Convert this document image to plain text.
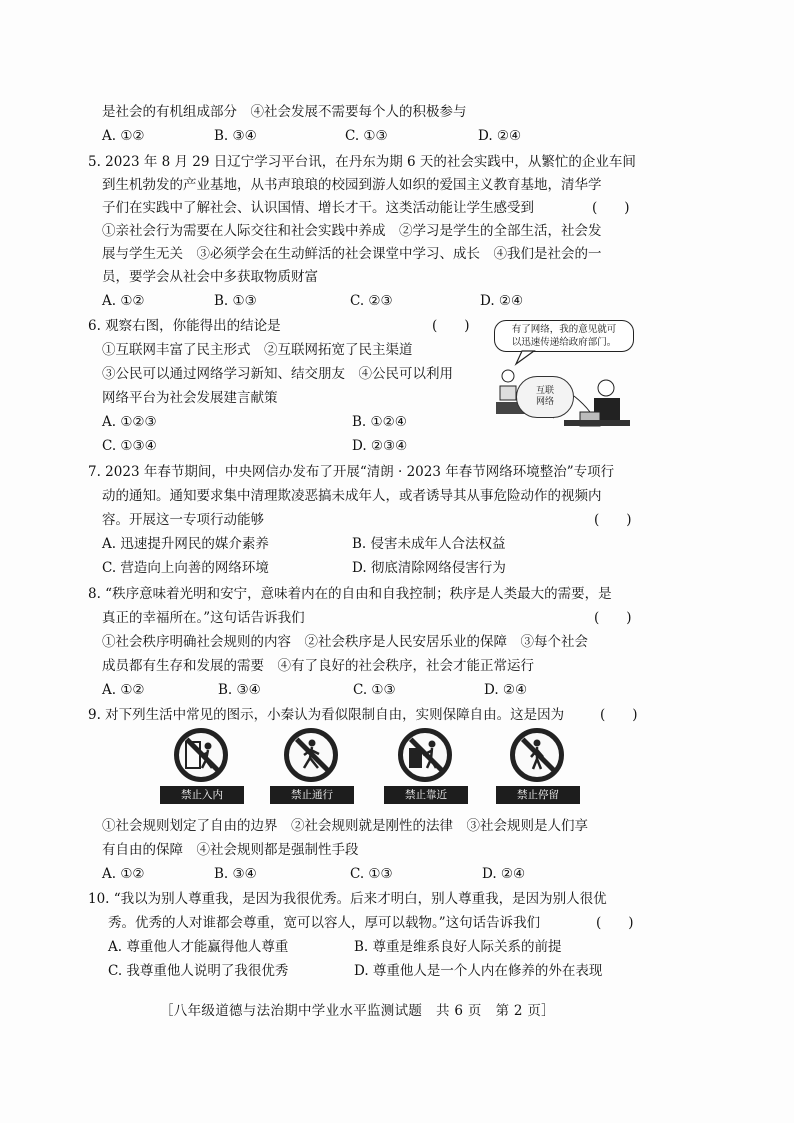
是社会的有机组成部分　④社会发展不需要每个人的积极参与
A. ①②	B. ③④	C. ①③	D. ②④
5. 2023 年 8 月 29 日辽宁学习平台讯，在丹东为期 6 天的社会实践中，从繁忙的企业车间
到生机勃发的产业基地，从书声琅琅的校园到游人如织的爱国主义教育基地，清华学
子们在实践中了解社会、认识国情、增长才干。这类活动能让学生感受到	(　　)
①亲社会行为需要在人际交往和社会实践中养成　②学习是学生的全部生活，社会发
展与学生无关　③必须学会在生动鲜活的社会课堂中学习、成长　④我们是社会的一
员，要学会从社会中多获取物质财富
A. ①②	B. ①③	C. ②③	D. ②④
6. 观察右图，你能得出的结论是	(　　)
①互联网丰富了民主形式　②互联网拓宽了民主渠道
③公民可以通过网络学习新知、结交朋友　④公民可以利用
网络平台为社会发展建言献策
A. ①②③	B. ①②④
C. ①③④	D. ②③④
有了网络，我的意见就可
以迅速传递给政府部门。
互联
网络
7. 2023 年春节期间，中央网信办发布了开展“清朗 · 2023 年春节网络环境整治”专项行
动的通知。通知要求集中清理欺凌恶搞未成年人，或者诱导其从事危险动作的视频内
容。开展这一专项行动能够	(　　)
A. 迅速提升网民的媒介素养	B. 侵害未成年人合法权益
C. 营造向上向善的网络环境	D. 彻底清除网络侵害行为
8. “秩序意味着光明和安宁，意味着内在的自由和自我控制；秩序是人类最大的需要，是
真正的幸福所在。”这句话告诉我们	(　　)
①社会秩序明确社会规则的内容　②社会秩序是人民安居乐业的保障　③每个社会
成员都有生存和发展的需要　④有了良好的社会秩序，社会才能正常运行
A. ①②	B. ③④	C. ①③	D. ②④
9. 对下列生活中常见的图示，小秦认为看似限制自由，实则保障自由。这是因为	(　　)
禁止入内	禁止通行	禁止靠近	禁止停留
①社会规则划定了自由的边界　②社会规则就是刚性的法律　③社会规则是人们享
有自由的保障　④社会规则都是强制性手段
A. ①②	B. ③④	C. ①③	D. ②④
10. “我以为别人尊重我，是因为我很优秀。后来才明白，别人尊重我，是因为别人很优
秀。优秀的人对谁都会尊重，宽可以容人，厚可以载物。”这句话告诉我们	(　　)
A. 尊重他人才能赢得他人尊重	B. 尊重是维系良好人际关系的前提
C. 我尊重他人说明了我很优秀	D. 尊重他人是一个人内在修养的外在表现
［八年级道德与法治期中学业水平监测试题　共 6 页　第 2 页］
